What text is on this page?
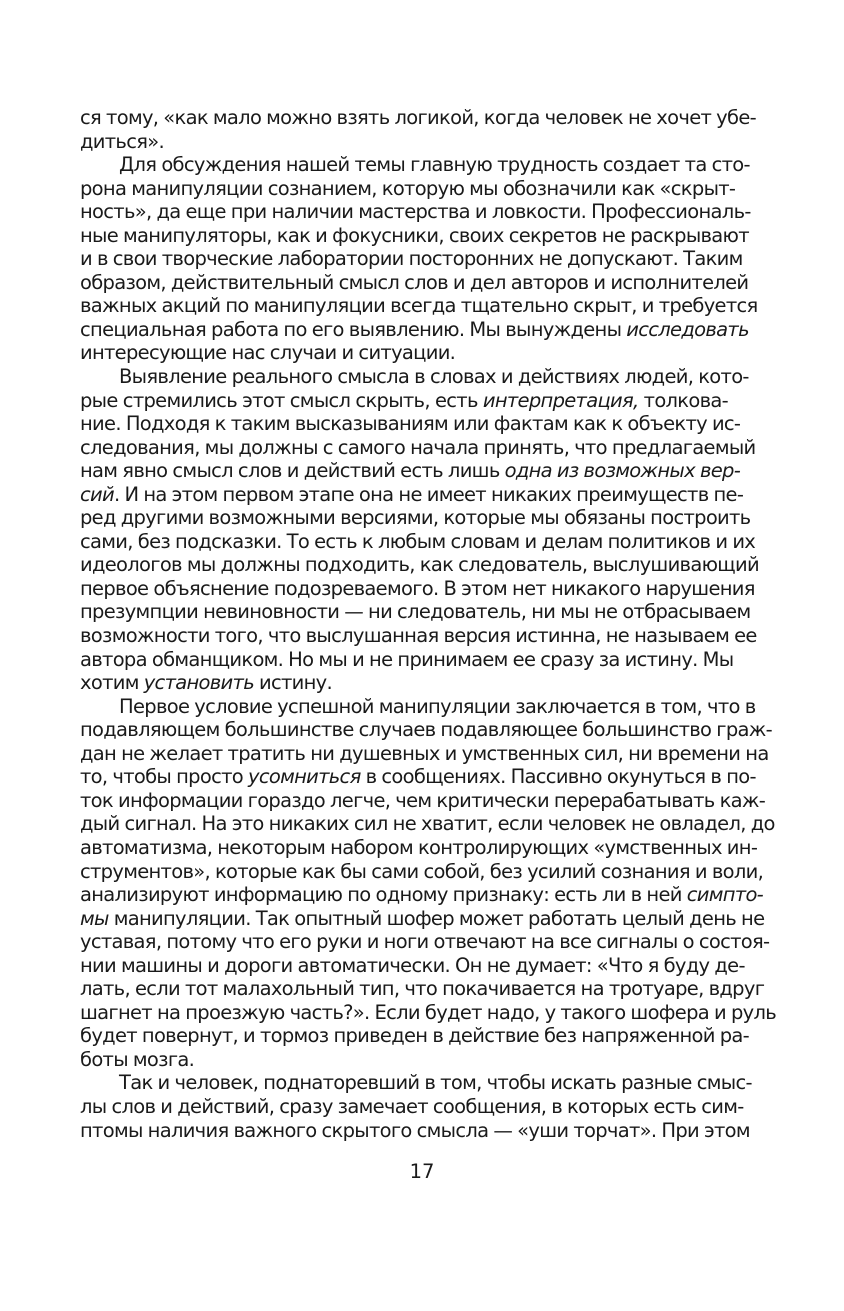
ся тому, «как мало можно взять логикой, когда человек не хочет убе-
диться».
Для обсуждения нашей темы главную трудность создает та сто-
рона манипуляции сознанием, которую мы обозначили как «скрыт-
ность», да еще при наличии мастерства и ловкости. Профессиональ-
ные манипуляторы, как и фокусники, своих секретов не раскрывают
и в свои творческие лаборатории посторонних не допускают. Таким
образом, действительный смысл слов и дел авторов и исполнителей
важных акций по манипуляции всегда тщательно скрыт, и требуется
специальная работа по его выявлению. Мы вынуждены исследовать
интересующие нас случаи и ситуации.
Выявление реального смысла в словах и действиях людей, кото-
рые стремились этот смысл скрыть, есть интерпретация, толкова-
ние. Подходя к таким высказываниям или фактам как к объекту ис-
следования, мы должны с самого начала принять, что предлагаемый
нам явно смысл слов и действий есть лишь одна из возможных вер-
сий. И на этом первом этапе она не имеет никаких преимуществ пе-
ред другими возможными версиями, которые мы обязаны построить
сами, без подсказки. То есть к любым словам и делам политиков и их
идеологов мы должны подходить, как следователь, выслушивающий
первое объяснение подозреваемого. В этом нет никакого нарушения
презумпции невиновности — ни следователь, ни мы не отбрасываем
возможности того, что выслушанная версия истинна, не называем ее
автора обманщиком. Но мы и не принимаем ее сразу за истину. Мы
хотим установить истину.
Первое условие успешной манипуляции заключается в том, что в
подавляющем большинстве случаев подавляющее большинство граж-
дан не желает тратить ни душевных и умственных сил, ни времени на
то, чтобы просто усомниться в сообщениях. Пассивно окунуться в по-
ток информации гораздо легче, чем критически перерабатывать каж-
дый сигнал. На это никаких сил не хватит, если человек не овладел, до
автоматизма, некоторым набором контролирующих «умственных ин-
струментов», которые как бы сами собой, без усилий сознания и воли,
анализируют информацию по одному признаку: есть ли в ней симпто-
мы манипуляции. Так опытный шофер может работать целый день не
уставая, потому что его руки и ноги отвечают на все сигналы о состоя-
нии машины и дороги автоматически. Он не думает: «Что я буду де-
лать, если тот малахольный тип, что покачивается на тротуаре, вдруг
шагнет на проезжую часть?». Если будет надо, у такого шофера и руль
будет повернут, и тормоз приведен в действие без напряженной ра-
боты мозга.
Так и человек, поднаторевший в том, чтобы искать разные смыс-
лы слов и действий, сразу замечает сообщения, в которых есть сим-
птомы наличия важного скрытого смысла — «уши торчат». При этом
17
